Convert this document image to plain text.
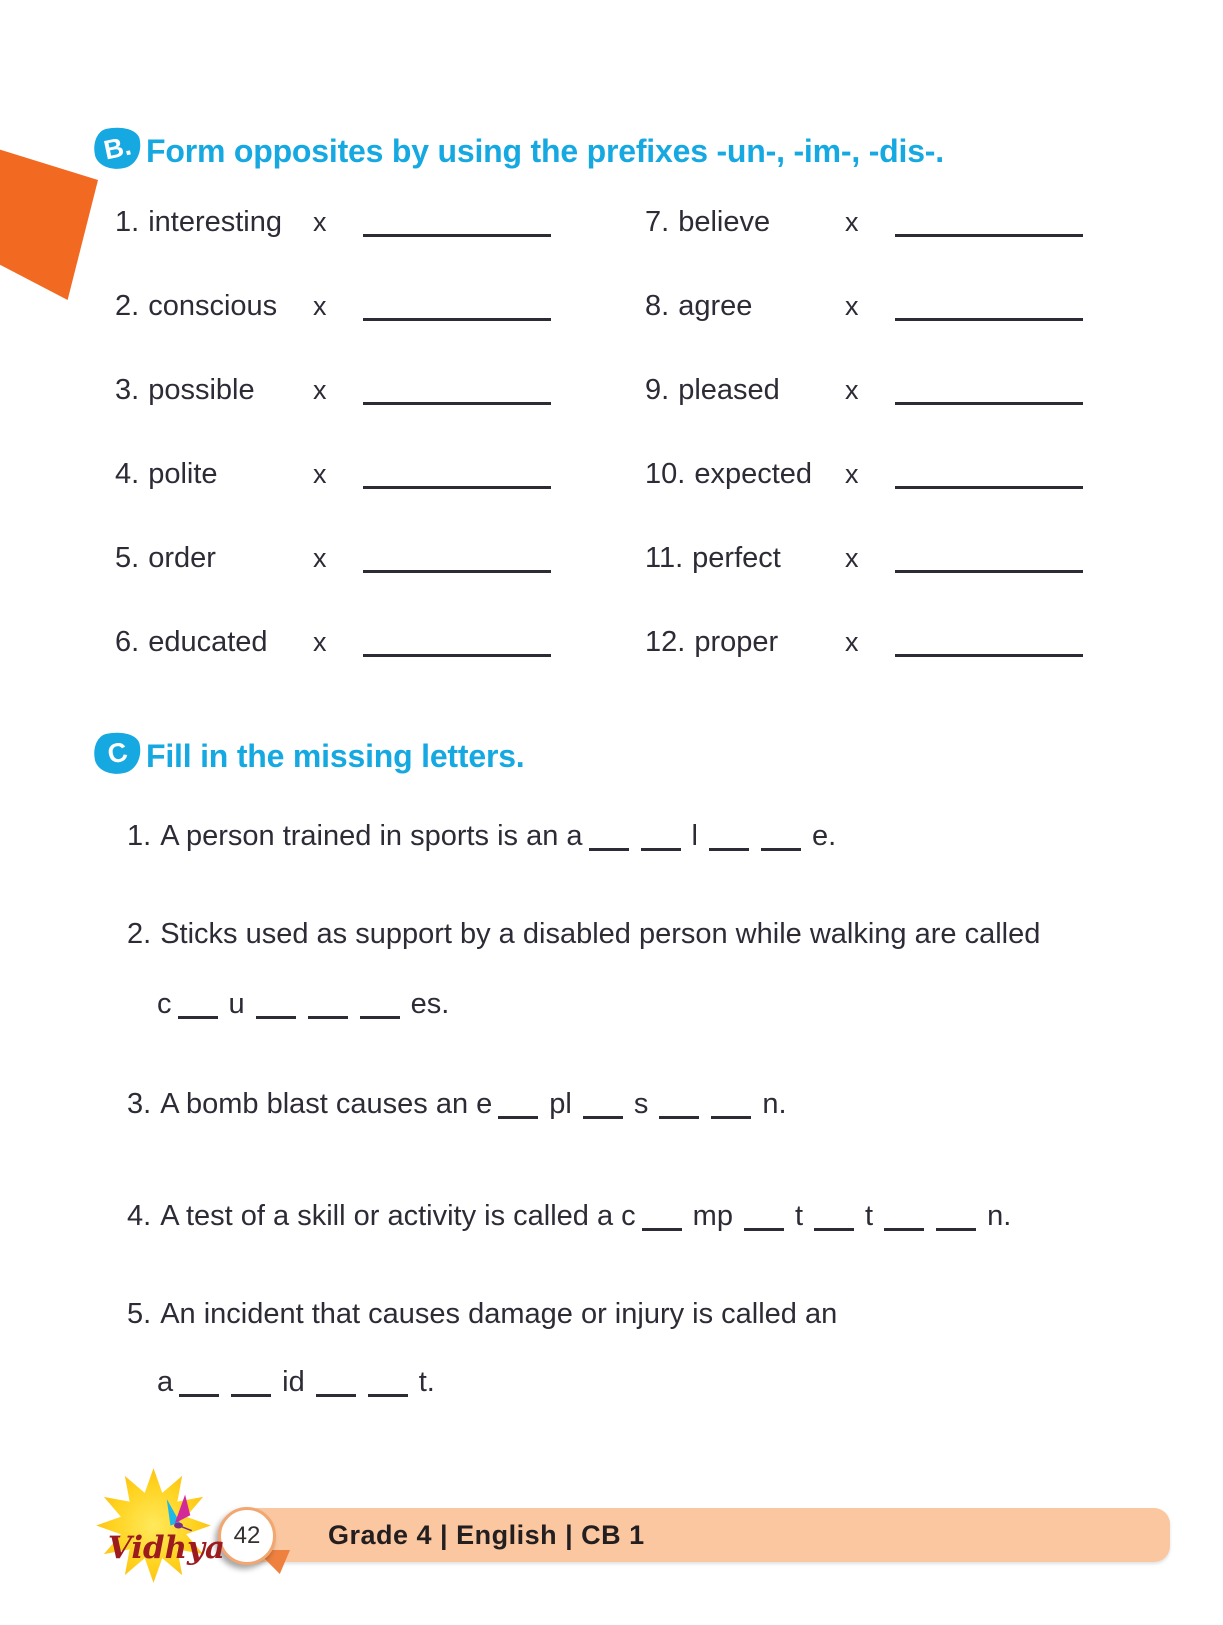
B. Form opposites by using the prefixes -un-, -im-, -dis-.
1. interesting x
2. conscious x
3. possible x
4. polite	x
5. order	x
6. educated x
7. believe	x
8. agree	x
9. pleased x
10. expected x
11. perfect x
12. proper x
C Fill in the missing letters.
1. A person trained in sports is an a	l	e.
2. Sticks used as support by a disabled person while walking are called
c u	es.
3. A bomb blast causes an e pl s	n.
4. A test of a skill or activity is called a c mp t t	n.
5. An incident that causes damage or injury is called an
a	id	t.
Grade 4 | English | CB 1
42
Vidhya
